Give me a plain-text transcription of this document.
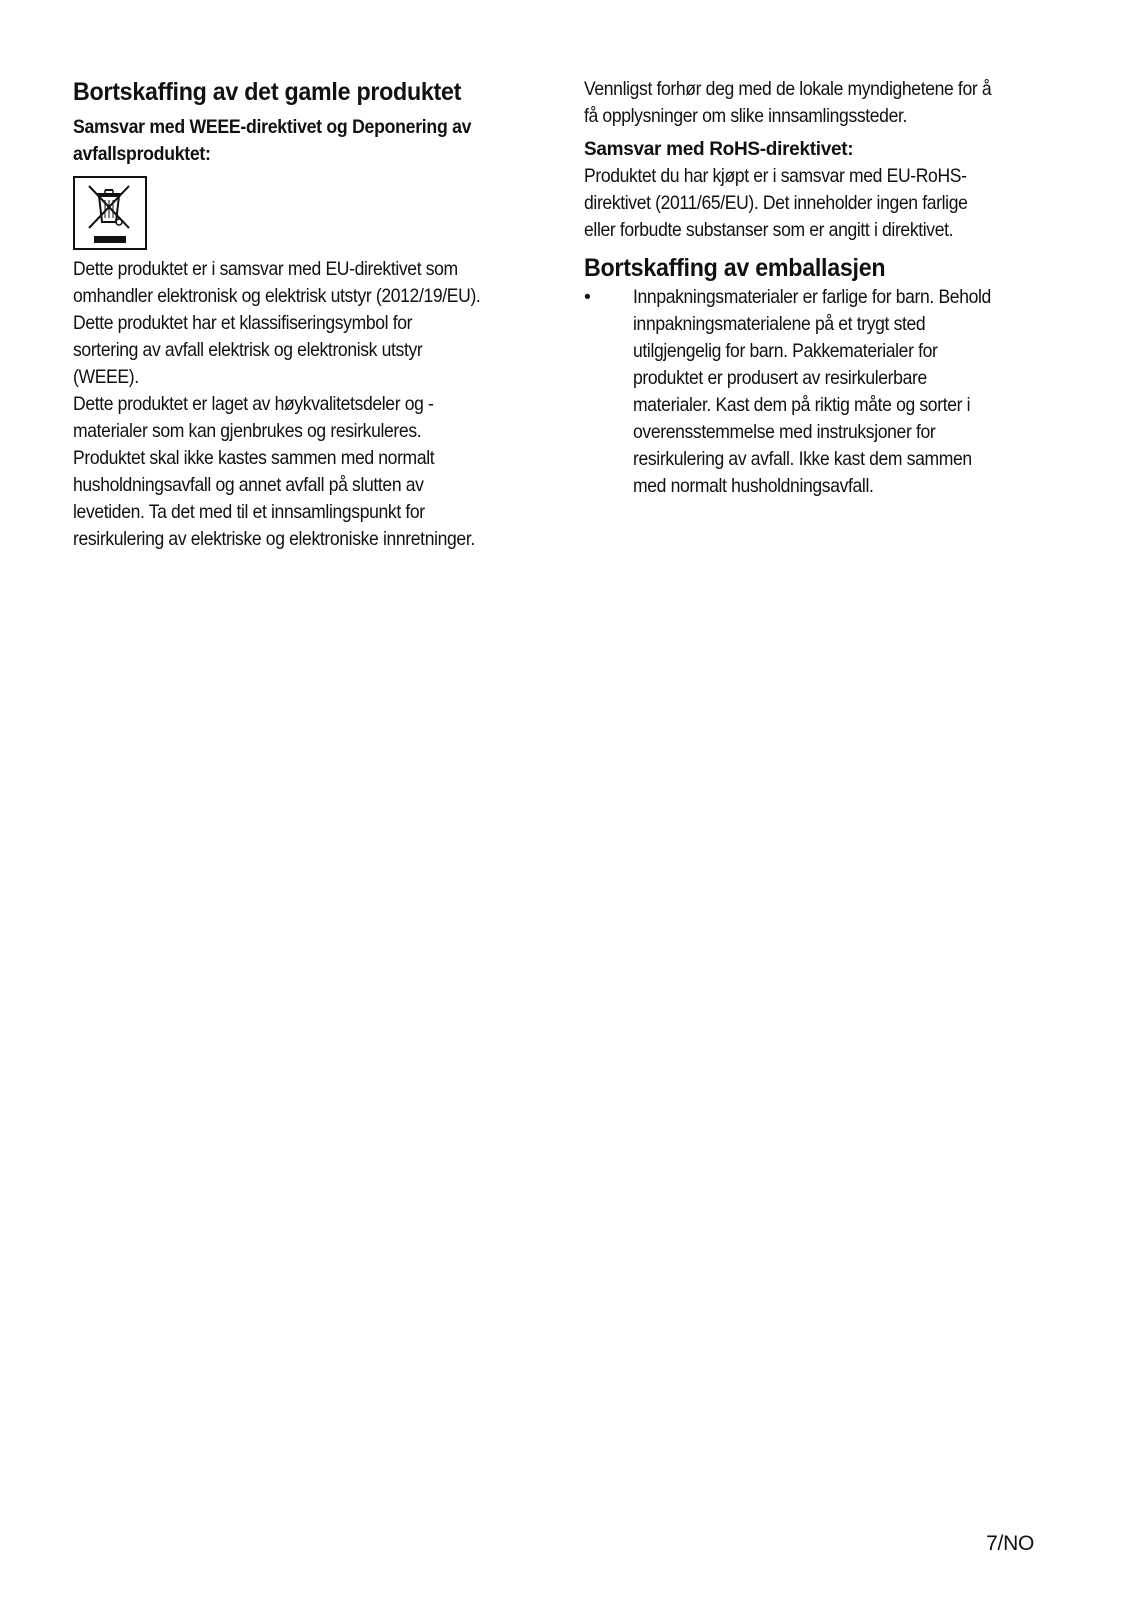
Bortskaffing av det gamle produktet
Samsvar med WEEE-direktivet og Deponering av
avfallsproduktet:
Dette produktet er i samsvar med EU-direktivet som
omhandler elektronisk og elektrisk utstyr (2012/19/EU).
Dette produktet har et klassifiseringsymbol for
sortering av avfall elektrisk og elektronisk utstyr
(WEEE).
Dette produktet er laget av høykvalitetsdeler og -
materialer som kan gjenbrukes og resirkuleres.
Produktet skal ikke kastes sammen med normalt
husholdningsavfall og annet avfall på slutten av
levetiden. Ta det med til et innsamlingspunkt for
resirkulering av elektriske og elektroniske innretninger.
Vennligst forhør deg med de lokale myndighetene for å
få opplysninger om slike innsamlingssteder.
Samsvar med RoHS-direktivet:
Produktet du har kjøpt er i samsvar med EU-RoHS-
direktivet (2011/65/EU). Det inneholder ingen farlige
eller forbudte substanser som er angitt i direktivet.
Bortskaffing av emballasjen
• Innpakningsmaterialer er farlige for barn. Behold
innpakningsmaterialene på et trygt sted
utilgjengelig for barn. Pakkematerialer for
produktet er produsert av resirkulerbare
materialer. Kast dem på riktig måte og sorter i
overensstemmelse med instruksjoner for
resirkulering av avfall. Ikke kast dem sammen
med normalt husholdningsavfall.
7/NO
